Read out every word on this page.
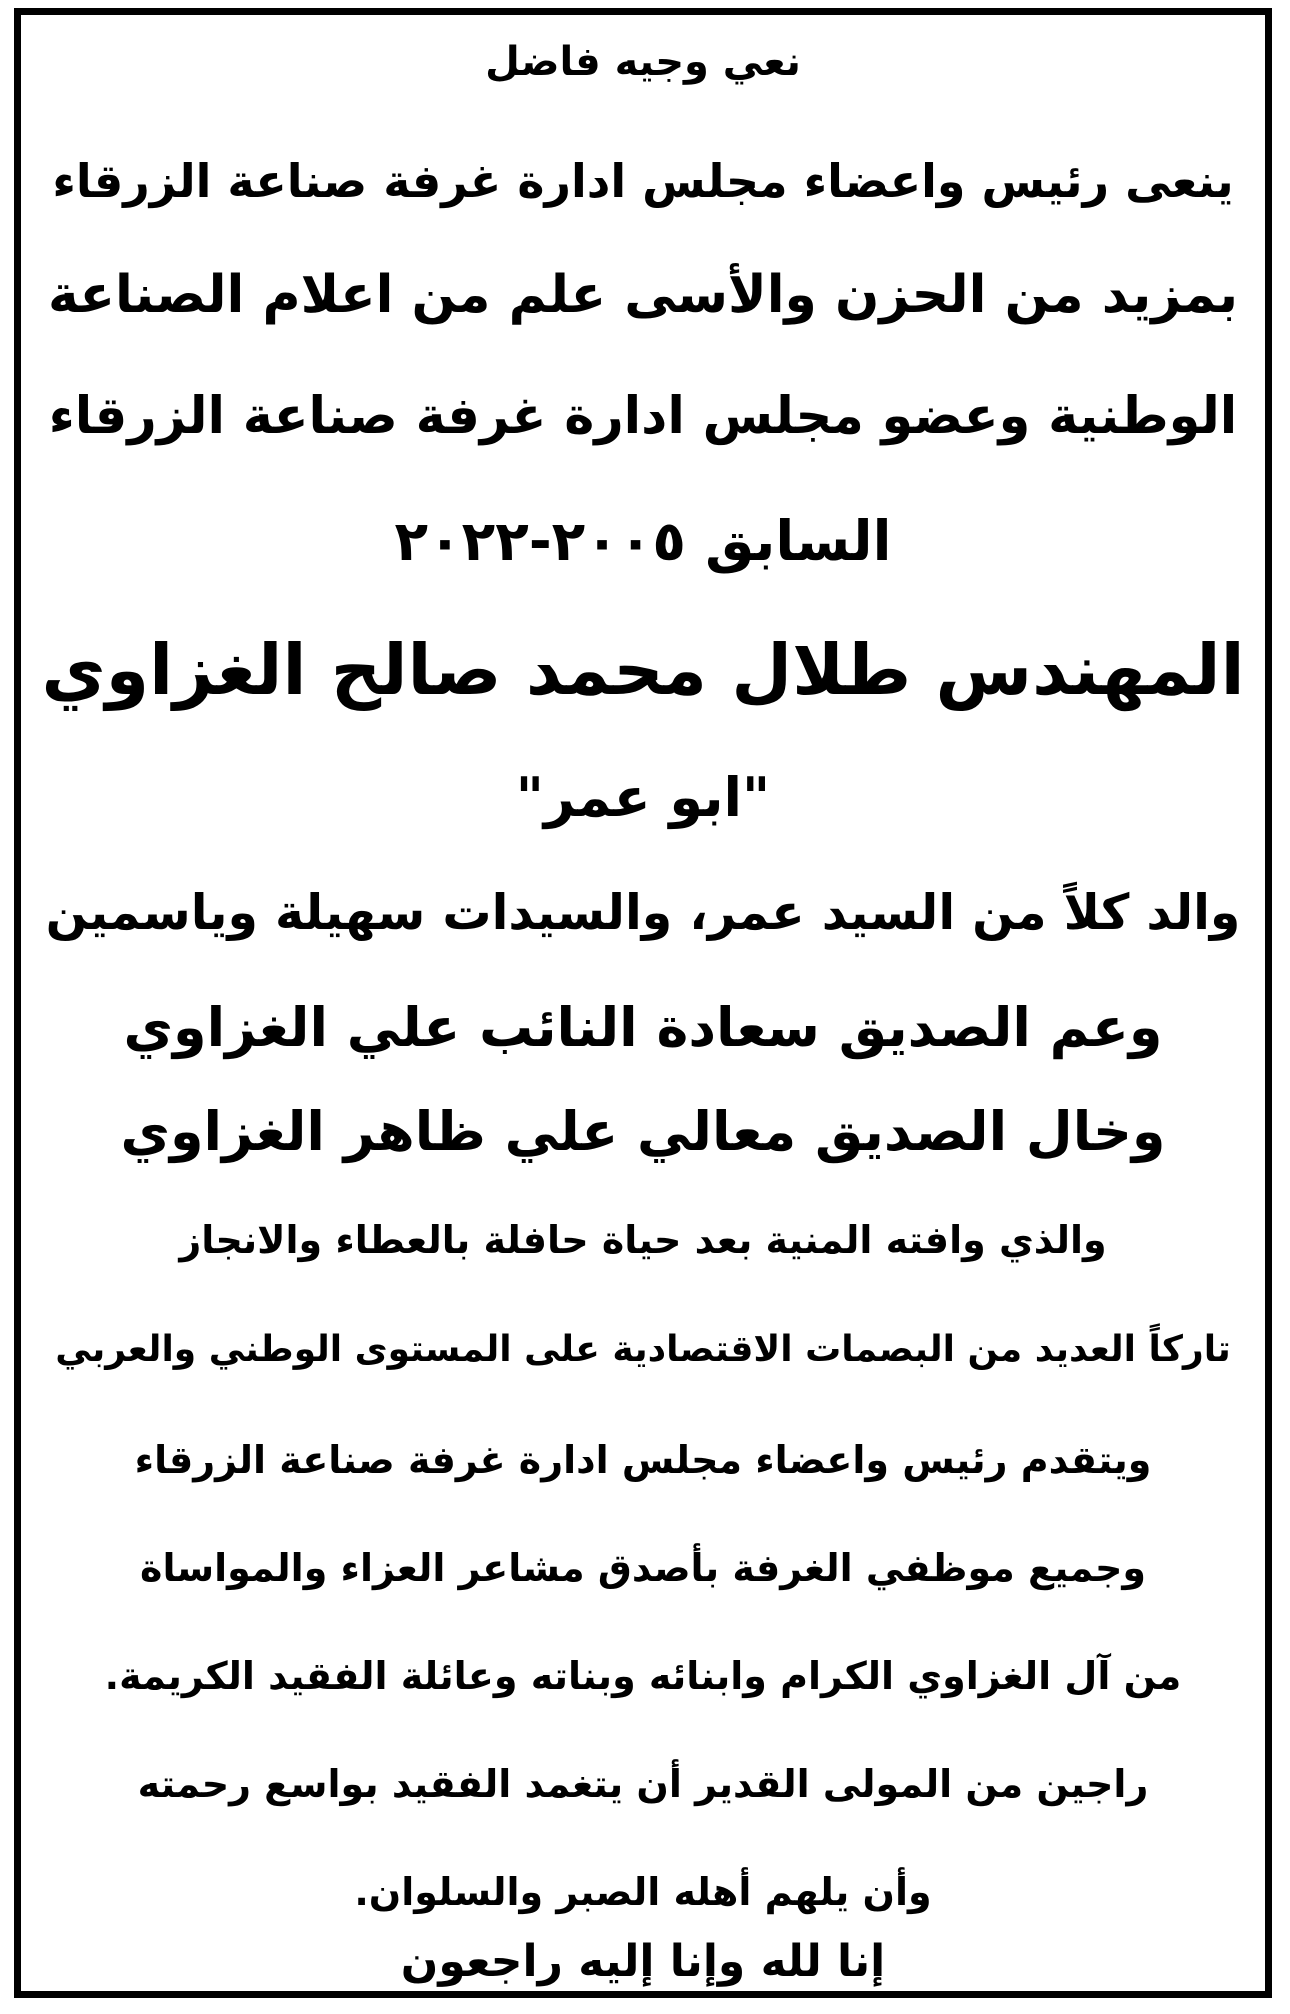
نعي وجيه فاضل
ينعى رئيس واعضاء مجلس ادارة غرفة صناعة الزرقاء
بمزيد من الحزن والأسى علم من اعلام الصناعة
الوطنية وعضو مجلس ادارة غرفة صناعة الزرقاء
السابق ٢٠٠٥-٢٠٢٢
المهندس طلال محمد صالح الغزاوي
"ابو عمر"
والد كلاً من السيد عمر، والسيدات سهيلة وياسمين
وعم الصديق سعادة النائب علي الغزاوي
وخال الصديق معالي علي ظاهر الغزاوي
والذي وافته المنية بعد حياة حافلة بالعطاء والانجاز
تاركاً العديد من البصمات الاقتصادية على المستوى الوطني والعربي
ويتقدم رئيس واعضاء مجلس ادارة غرفة صناعة الزرقاء
وجميع موظفي الغرفة بأصدق مشاعر العزاء والمواساة
من آل الغزاوي الكرام وابنائه وبناته وعائلة الفقيد الكريمة.
راجين من المولى القدير أن يتغمد الفقيد بواسع رحمته
وأن يلهم أهله الصبر والسلوان.
إنا لله وإنا إليه راجعون
